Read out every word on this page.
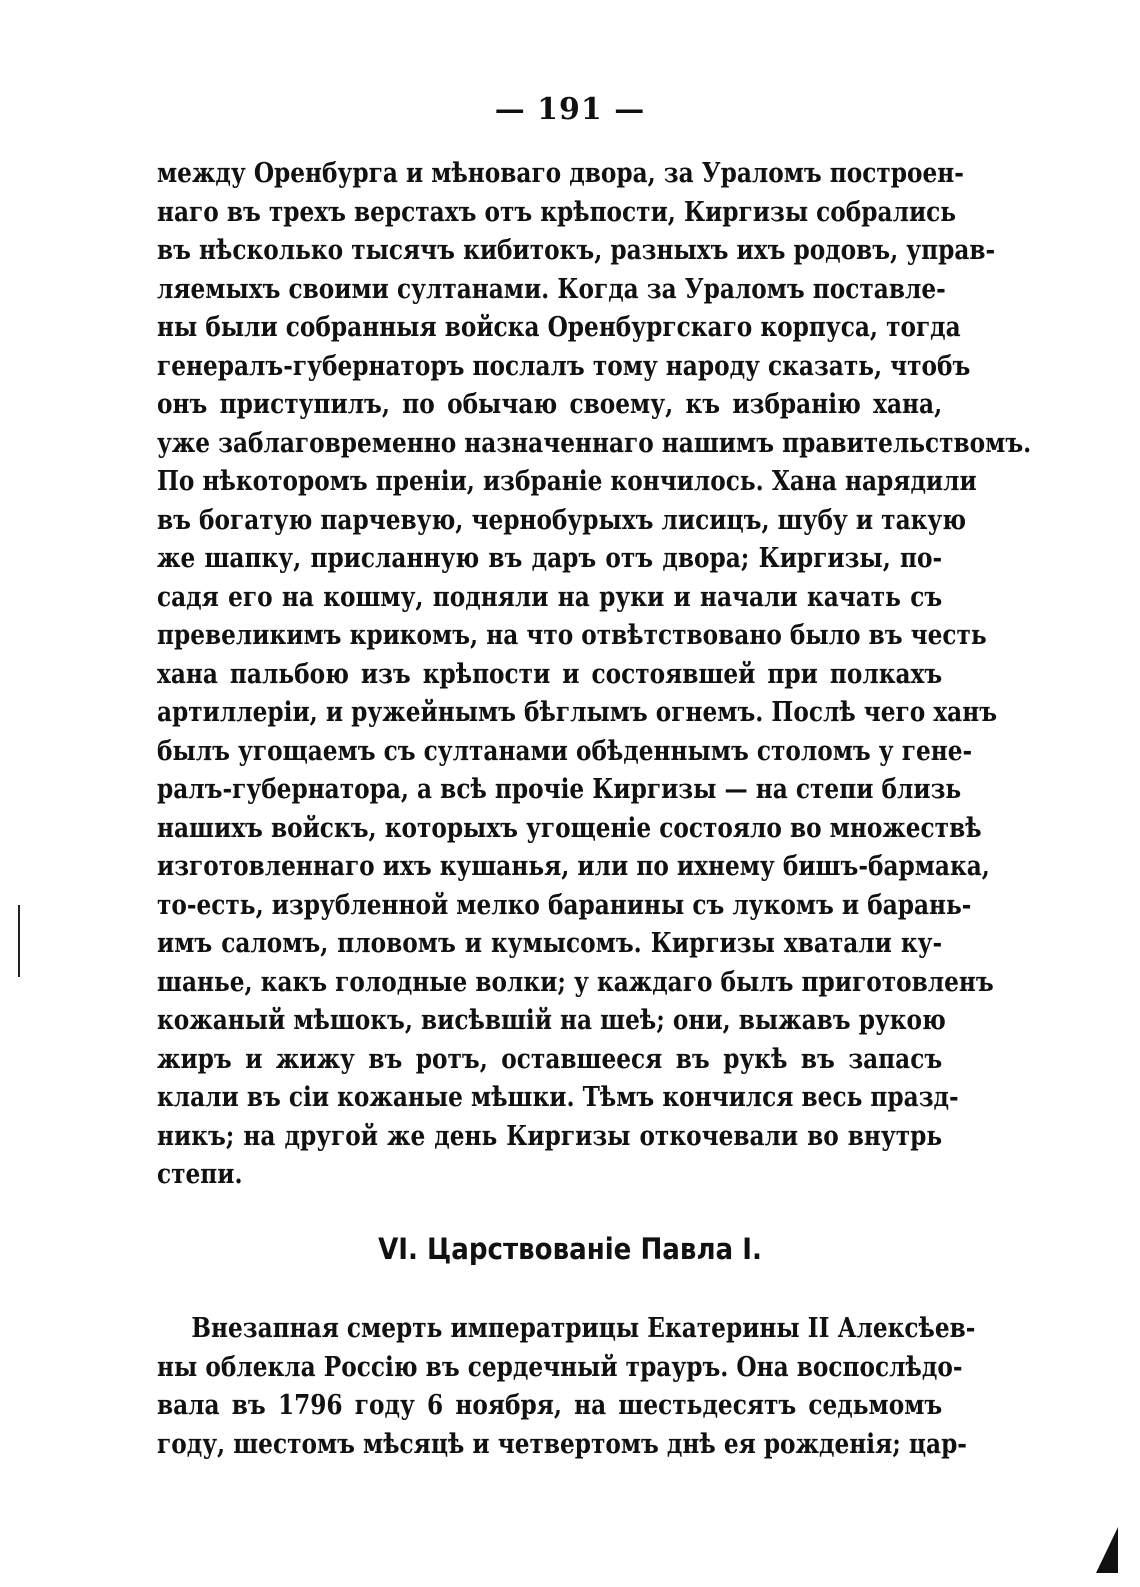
— 191 —
между Оренбурга и мѣноваго двора, за Ураломъ построен-
наго въ трехъ верстахъ отъ крѣпости, Киргизы собрались
въ нѣсколько тысячъ кибитокъ, разныхъ ихъ родовъ, управ-
ляемыхъ своими султанами. Когда за Ураломъ поставле-
ны были собранныя войска Оренбургскаго корпуса, тогда
генералъ-губернаторъ послалъ тому народу сказать, чтобъ
онъ приступилъ, по обычаю своему, къ избранію хана,
уже заблаговременно назначеннаго нашимъ правительствомъ.
По нѣкоторомъ преніи, избраніе кончилось. Хана нарядили
въ богатую парчевую, чернобурыхъ лисицъ, шубу и такую
же шапку, присланную въ даръ отъ двора; Киргизы, по-
садя его на кошму, подняли на руки и начали качать съ
превеликимъ крикомъ, на что отвѣтствовано было въ честь
хана пальбою изъ крѣпости и состоявшей при полкахъ
артиллеріи, и ружейнымъ бѣглымъ огнемъ. Послѣ чего ханъ
былъ угощаемъ съ султанами обѣденнымъ столомъ у гене-
ралъ-губернатора, а всѣ прочіе Киргизы — на степи близь
нашихъ войскъ, которыхъ угощеніе состояло во множествѣ
изготовленнаго ихъ кушанья, или по ихнему бишъ-бармака,
то-есть, изрубленной мелко баранины съ лукомъ и барань-
имъ саломъ, пловомъ и кумысомъ. Киргизы хватали ку-
шанье, какъ голодные волки; у каждаго былъ приготовленъ
кожаный мѣшокъ, висѣвшій на шеѣ; они, выжавъ рукою
жиръ и жижу въ ротъ, оставшееся въ рукѣ въ запасъ
клали въ сіи кожаные мѣшки. Тѣмъ кончился весь празд-
никъ; на другой же день Киргизы откочевали во внутрь
степи.
VI. Царствованіе Павла I.
Внезапная смерть императрицы Екатерины II Алексѣев-
ны облекла Россію въ сердечный трауръ. Она воспослѣдо-
вала въ 1796 году 6 ноября, на шестьдесятъ седьмомъ
году, шестомъ мѣсяцѣ и четвертомъ днѣ ея рожденія; цар-
